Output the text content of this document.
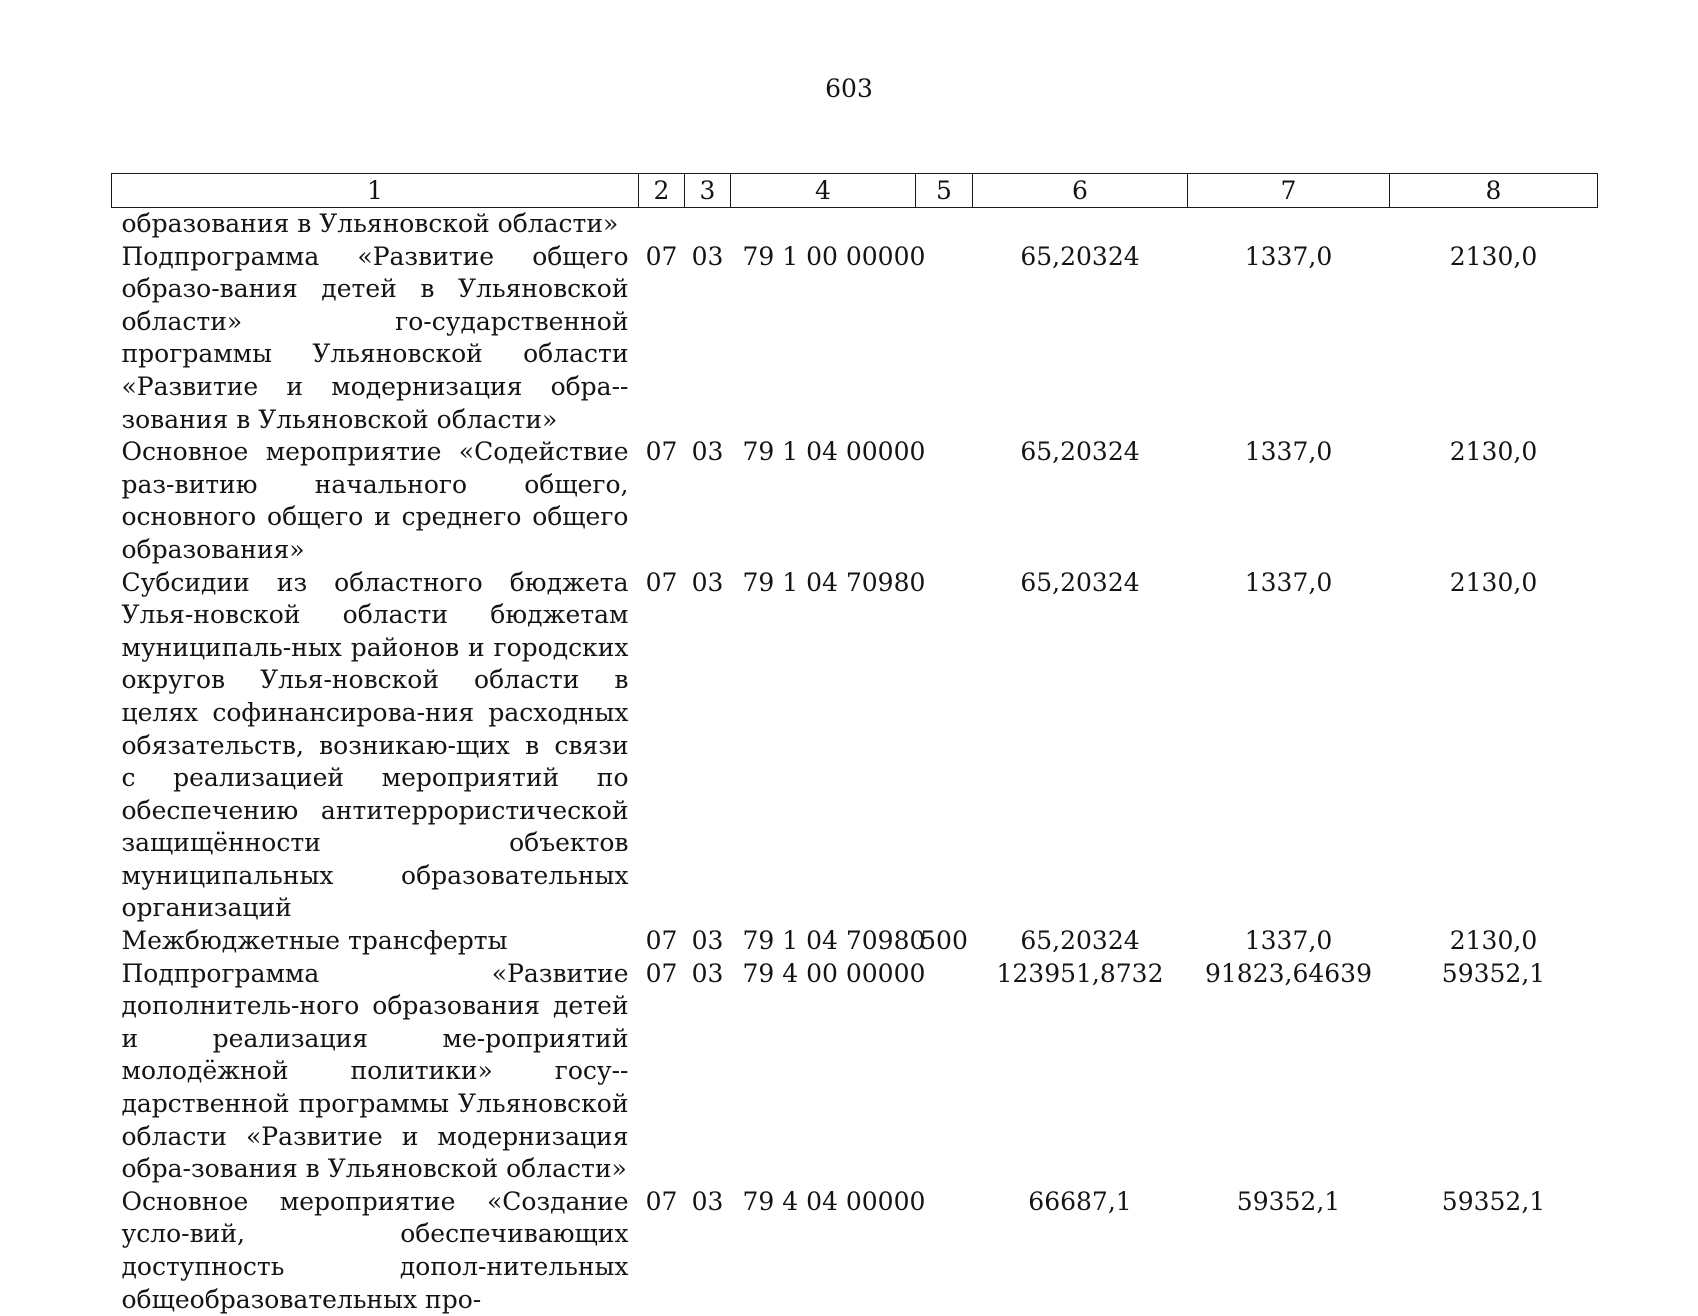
603
1	2	3	4	5	6	7	8
образования в Ульяновской области»							
Подпрограмма «Развитие общего образо-вания детей в Ульяновской области» го-сударственной программы Ульяновской области «Развитие и модернизация обра-зования в Ульяновской области»	07	03	79 1 00 00000		65,20324	1337,0	2130,0
Основное мероприятие «Содействие раз-витию начального общего, основного общего и среднего общего образования»	07	03	79 1 04 00000		65,20324	1337,0	2130,0
Субсидии из областного бюджета Улья-новской области бюджетам муниципаль-ных районов и городских округов Улья-новской области в целях софинансирова-ния расходных обязательств, возникаю-щих в связи с реализацией мероприятий по обеспечению антитеррористической защищённости объектов муниципальных образовательных организаций	07	03	79 1 04 70980		65,20324	1337,0	2130,0
Межбюджетные трансферты	07	03	79 1 04 70980	500	65,20324	1337,0	2130,0
Подпрограмма «Развитие дополнитель-ного образования детей и реализация ме-роприятий молодёжной политики» госу-дарственной программы Ульяновской области «Развитие и модернизация обра-зования в Ульяновской области»	07	03	79 4 00 00000		123951,8732	91823,64639	59352,1
Основное мероприятие «Создание усло-вий, обеспечивающих доступность допол-нительных общеобразовательных про-	07	03	79 4 04 00000		66687,1	59352,1	59352,1
